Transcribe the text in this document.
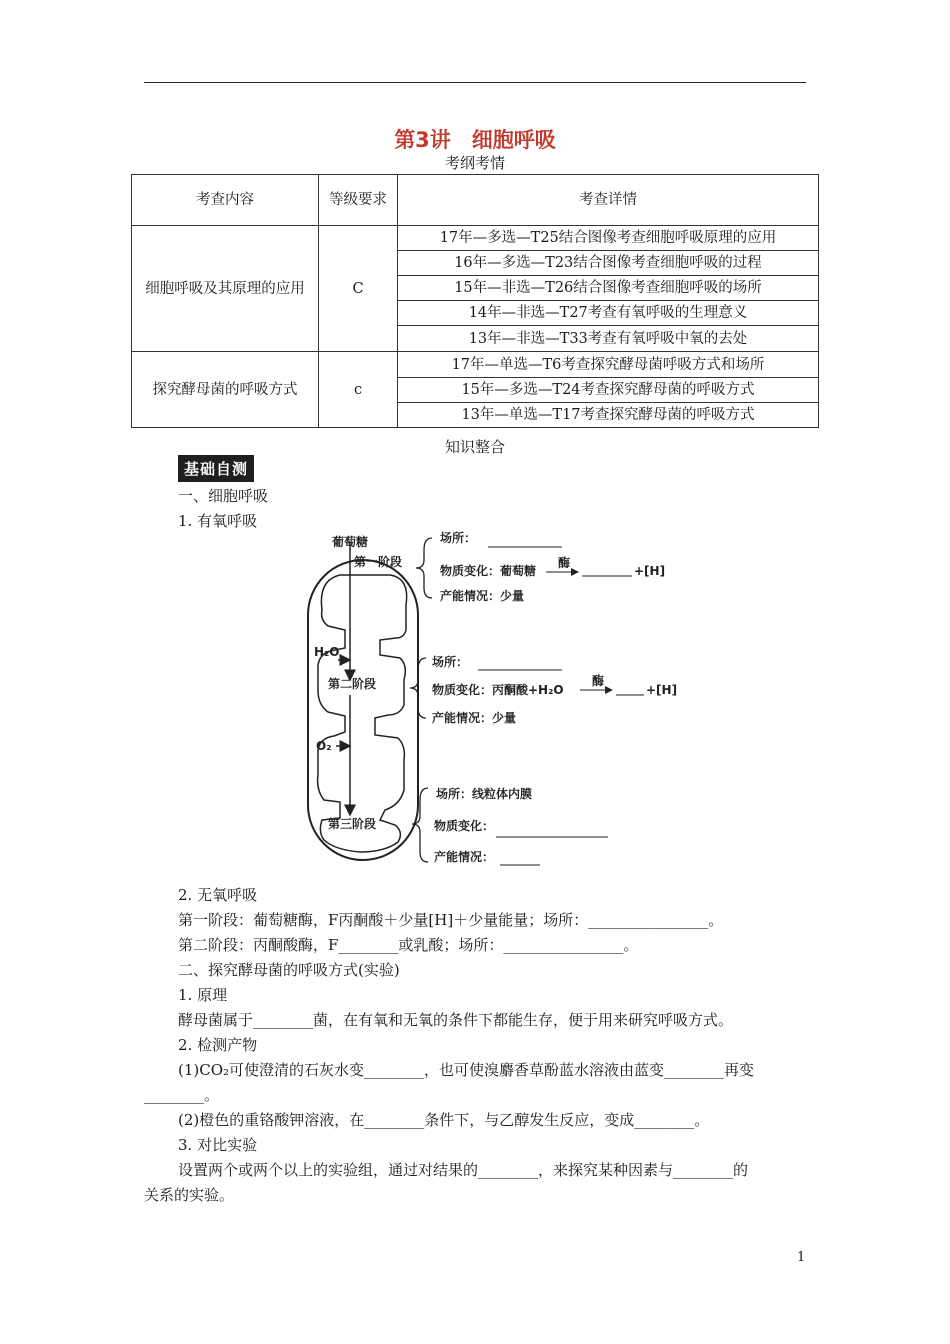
第3讲　细胞呼吸
考纲考情
考查内容	等级要求	考查详情
细胞呼吸及其原理的应用	C	17年—多选—T25结合图像考查细胞呼吸原理的应用
		16年—多选—T23结合图像考查细胞呼吸的过程
		15年—非选—T26结合图像考查细胞呼吸的场所
		14年—非选—T27考查有氧呼吸的生理意义
		13年—非选—T33考查有氧呼吸中氧的去处
探究酵母菌的呼吸方式	c	17年—单选—T6考查探究酵母菌呼吸方式和场所
		15年—多选—T24考查探究酵母菌的呼吸方式
		13年—单选—T17考查探究酵母菌的呼吸方式
知识整合
基础自测
一、细胞呼吸
1. 有氧呼吸
葡萄糖
第一阶段
H₂O
第二阶段
O₂
第三阶段
场所：
物质变化：葡萄糖
酶
+[H]
产能情况：少量
场所：
物质变化：丙酮酸+H₂O
酶
+[H]
产能情况：少量
场所：线粒体内膜
物质变化：
产能情况：
2. 无氧呼吸
第一阶段：葡萄糖酶，F丙酮酸＋少量[H]＋少量能量；场所：________________。
第二阶段：丙酮酸酶，F________或乳酸；场所：________________。
二、探究酵母菌的呼吸方式(实验)
1. 原理
酵母菌属于________菌，在有氧和无氧的条件下都能生存，便于用来研究呼吸方式。
2. 检测产物
(1)CO₂可使澄清的石灰水变________，也可使溴麝香草酚蓝水溶液由蓝变________再变
________。
(2)橙色的重铬酸钾溶液，在________条件下，与乙醇发生反应，变成________。
3. 对比实验
设置两个或两个以上的实验组，通过对结果的________，来探究某种因素与________的
关系的实验。
1
